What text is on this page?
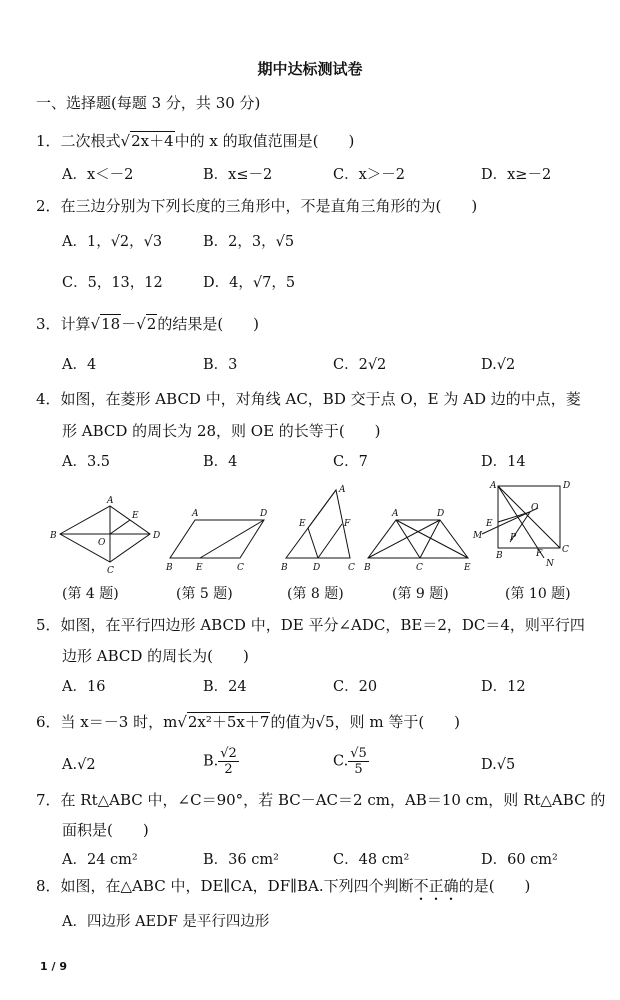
期中达标测试卷
一、选择题(每题 3 分，共 30 分)
1．二次根式√2x＋4中的 x 的取值范围是(　　)
A．x＜－2	B．x≤－2	C．x＞－2	D．x≥－2
2．在三边分别为下列长度的三角形中，不是直角三角形的为(　　)
A．1，√2，√3	B．2，3，√5
C．5，13，12	D．4，√7，5
3．计算√18－√2的结果是(　　)
A．4	B．3	C．2√2	D.√2
4．如图，在菱形 ABCD 中，对角线 AC，BD 交于点 O，E 为 AD 边的中点，菱
形 ABCD 的周长为 28，则 OE 的长等于(　　)
A．3.5	B．4	C．7	D．14
B
A
D
C
E
O
B
A	D
C
E	B
A
C
E	F
D	B
A	D
C	E
A	D
E
M
O
P
B	F C
N
(第 4 题)	(第 5 题)	(第 8 题)	(第 9 题)	(第 10 题)
5．如图，在平行四边形 ABCD 中，DE 平分∠ADC，BE＝2，DC＝4，则平行四
边形 ABCD 的周长为(　　)
A．16	B．24	C．20	D．12
6．当 x＝－3 时，m√2x²＋5x＋7的值为√5，则 m 等于(　　)
A.√2	B. $\frac{√2}{2}$	C. $\frac{√5}{5}$	D.√5
7．在 Rt△ABC 中，∠C＝90°，若 BC－AC＝2 cm，AB＝10 cm，则 Rt△ABC 的
面积是(　　)
A．24 cm²	B．36 cm²	C．48 cm²	D．60 cm²
8．如图，在△ABC 中，DE∥CA，DF∥BA.下列四个判断不正确的是(　　)
A．四边形 AEDF 是平行四边形
1 / 9
